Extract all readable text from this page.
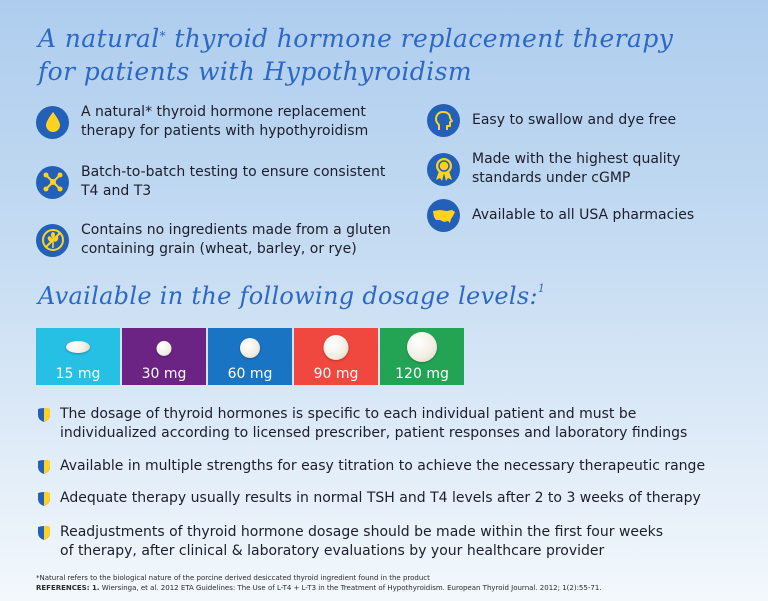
A natural* thyroid hormone replacement therapy
for patients with Hypothyroidism
A natural* thyroid hormone replacement
therapy for patients with hypothyroidism
Batch-to-batch testing to ensure consistent
T4 and T3
Contains no ingredients made from a gluten
containing grain (wheat, barley, or rye)
Easy to swallow and dye free
Made with the highest quality
standards under cGMP
Available to all USA pharmacies
Available in the following dosage levels:$^1$
15 mg	30 mg	60 mg	90 mg	120 mg
The dosage of thyroid hormones is specific to each individual patient and must be
individualized according to licensed prescriber, patient responses and laboratory findings
Available in multiple strengths for easy titration to achieve the necessary therapeutic range
Adequate therapy usually results in normal TSH and T4 levels after 2 to 3 weeks of therapy
Readjustments of thyroid hormone dosage should be made within the first four weeks
of therapy, after clinical & laboratory evaluations by your healthcare provider
*Natural refers to the biological nature of the porcine derived desiccated thyroid ingredient found in the product
REFERENCES: 1. Wiersinga, et al. 2012 ETA Guidelines: The Use of L-T4 + L-T3 in the Treatment of Hypothyroidism. European Thyroid Journal. 2012; 1(2):55-71.
